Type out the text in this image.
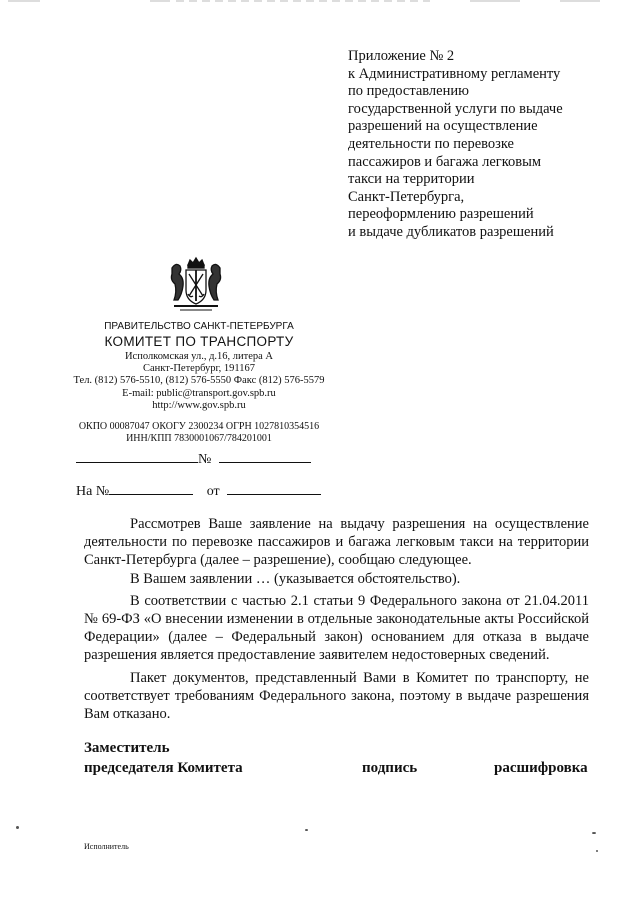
Приложение № 2
к Административному регламенту
по предоставлению
государственной услуги по выдаче
разрешений на осуществление
деятельности по перевозке
пассажиров и багажа легковым
такси на территории
Санкт-Петербурга,
переоформлению разрешений
и выдаче дубликатов разрешений
ПРАВИТЕЛЬСТВО САНКТ-ПЕТЕРБУРГА
КОМИТЕТ ПО ТРАНСПОРТУ
Исполкомская ул., д.16, литера А
Санкт-Петербург, 191167
Тел. (812) 576-5510, (812) 576-5550 Факс (812) 576-5579
E-mail: public@transport.gov.spb.ru
http://www.gov.spb.ru
ОКПО 00087047 ОКОГУ 2300234 ОГРН 1027810354516
ИНН/КПП 7830001067/784201001
№
На №	от

Рассмотрев Ваше заявление на выдачу разрешения на осуществление деятельности по перевозке пассажиров и багажа легковым такси на территории Санкт-Петербурга (далее – разрешение), сообщаю следующее.

В Вашем заявлении … (указывается обстоятельство).

В соответствии с частью 2.1 статьи 9 Федерального закона от 21.04.2011 № 69-ФЗ «О внесении изменении в отдельные законодательные акты Российской Федерации» (далее – Федеральный закон) основанием для отказа в выдаче разрешения является предоставление заявителем недостоверных сведений.

Пакет документов, представленный Вами в Комитет по транспорту, не соответствует требованиям Федерального закона, поэтому в выдаче разрешения Вам отказано.

Заместитель
председателя Комитета	подпись	расшифровка
Исполнитель
